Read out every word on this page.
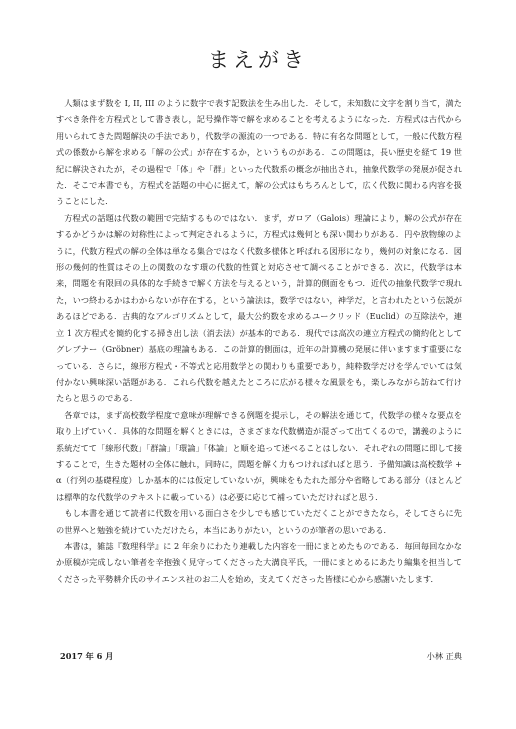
まえがき

人類はまず数を I, II, III のように数字で表す記数法を生み出した．そして，未知数に文字を割り当て，満たすべき条件を方程式として書き表し，記号操作等で解を求めることを考えるようになった．方程式は古代から用いられてきた問題解決の手法であり，代数学の源流の一つである．特に有名な問題として，一般に代数方程式の係数から解を求める「解の公式」が存在するか，というものがある．この問題は，長い歴史を経て 19 世紀に解決されたが，その過程で「体」や「群」といった代数系の概念が抽出され，抽象代数学の発展が促された．そこで本書でも，方程式を話題の中心に据えて，解の公式はもちろんとして，広く代数に関わる内容を扱うことにした．

方程式の話題は代数の範囲で完結するものではない．まず，ガロア（Galois）理論により，解の公式が存在するかどうかは解の対称性によって判定されるように，方程式は幾何とも深い関わりがある．円や放物線のように，代数方程式の解の全体は単なる集合ではなく代数多様体と呼ばれる図形になり，幾何の対象になる．図形の幾何的性質はその上の関数のなす環の代数的性質と対応させて調べることができる．次に，代数学は本来，問題を有限回の具体的な手続きで解く方法を与えるという，計算的側面をもつ．近代の抽象代数学で現れた，いつ終わるかはわからないが存在する，という論法は，数学ではない，神学だ，と言われたという伝説があるほどである．古典的なアルゴリズムとして，最大公約数を求めるユークリッド（Euclid）の互除法や，連立 1 次方程式を簡約化する掃き出し法（消去法）が基本的である．現代では高次の連立方程式の簡約化としてグレブナー（Gröbner）基底の理論もある．この計算的側面は，近年の計算機の発展に伴いますます重要になっている．さらに，線形方程式・不等式と応用数学との関わりも重要であり，純粋数学だけを学んでいては気付かない興味深い話題がある．これら代数を越えたところに広がる様々な風景をも，楽しみながら訪ねて行けたらと思うのである．

各章では，まず高校数学程度で意味が理解できる例題を提示し，その解法を通じて，代数学の様々な要点を取り上げていく．具体的な問題を解くときには，さまざまな代数構造が混ざって出てくるので，講義のように系統だてて「線形代数」「群論」「環論」「体論」と順を追って述べることはしない．それぞれの問題に即して接することで，生きた題材の全体に触れ，同時に，問題を解く力もつければればと思う．予備知識は高校数学 + α（行列の基礎程度）しか基本的には仮定していないが，興味をもたれた部分や省略してある部分（ほとんどは標準的な代数学のテキストに載っている）は必要に応じて補っていただければと思う．

もし本書を通じて読者に代数を用いる面白さを少しでも感じていただくことができたなら，そしてさらに先の世界へと勉強を続けていただけたら，本当にありがたい，というのが筆者の思いである．

本書は，雑誌『数理科学』に 2 年余りにわたり連載した内容を一冊にまとめたものである．毎回毎回なかなか原稿が完成しない筆者を辛抱強く見守ってくださった大溝良平氏，一冊にまとめるにあたり編集を担当してくださった平勢耕介氏のサイエンス社のお二人を始め，支えてくださった皆様に心から感謝いたします．

2017 年 6 月	小林 正典
